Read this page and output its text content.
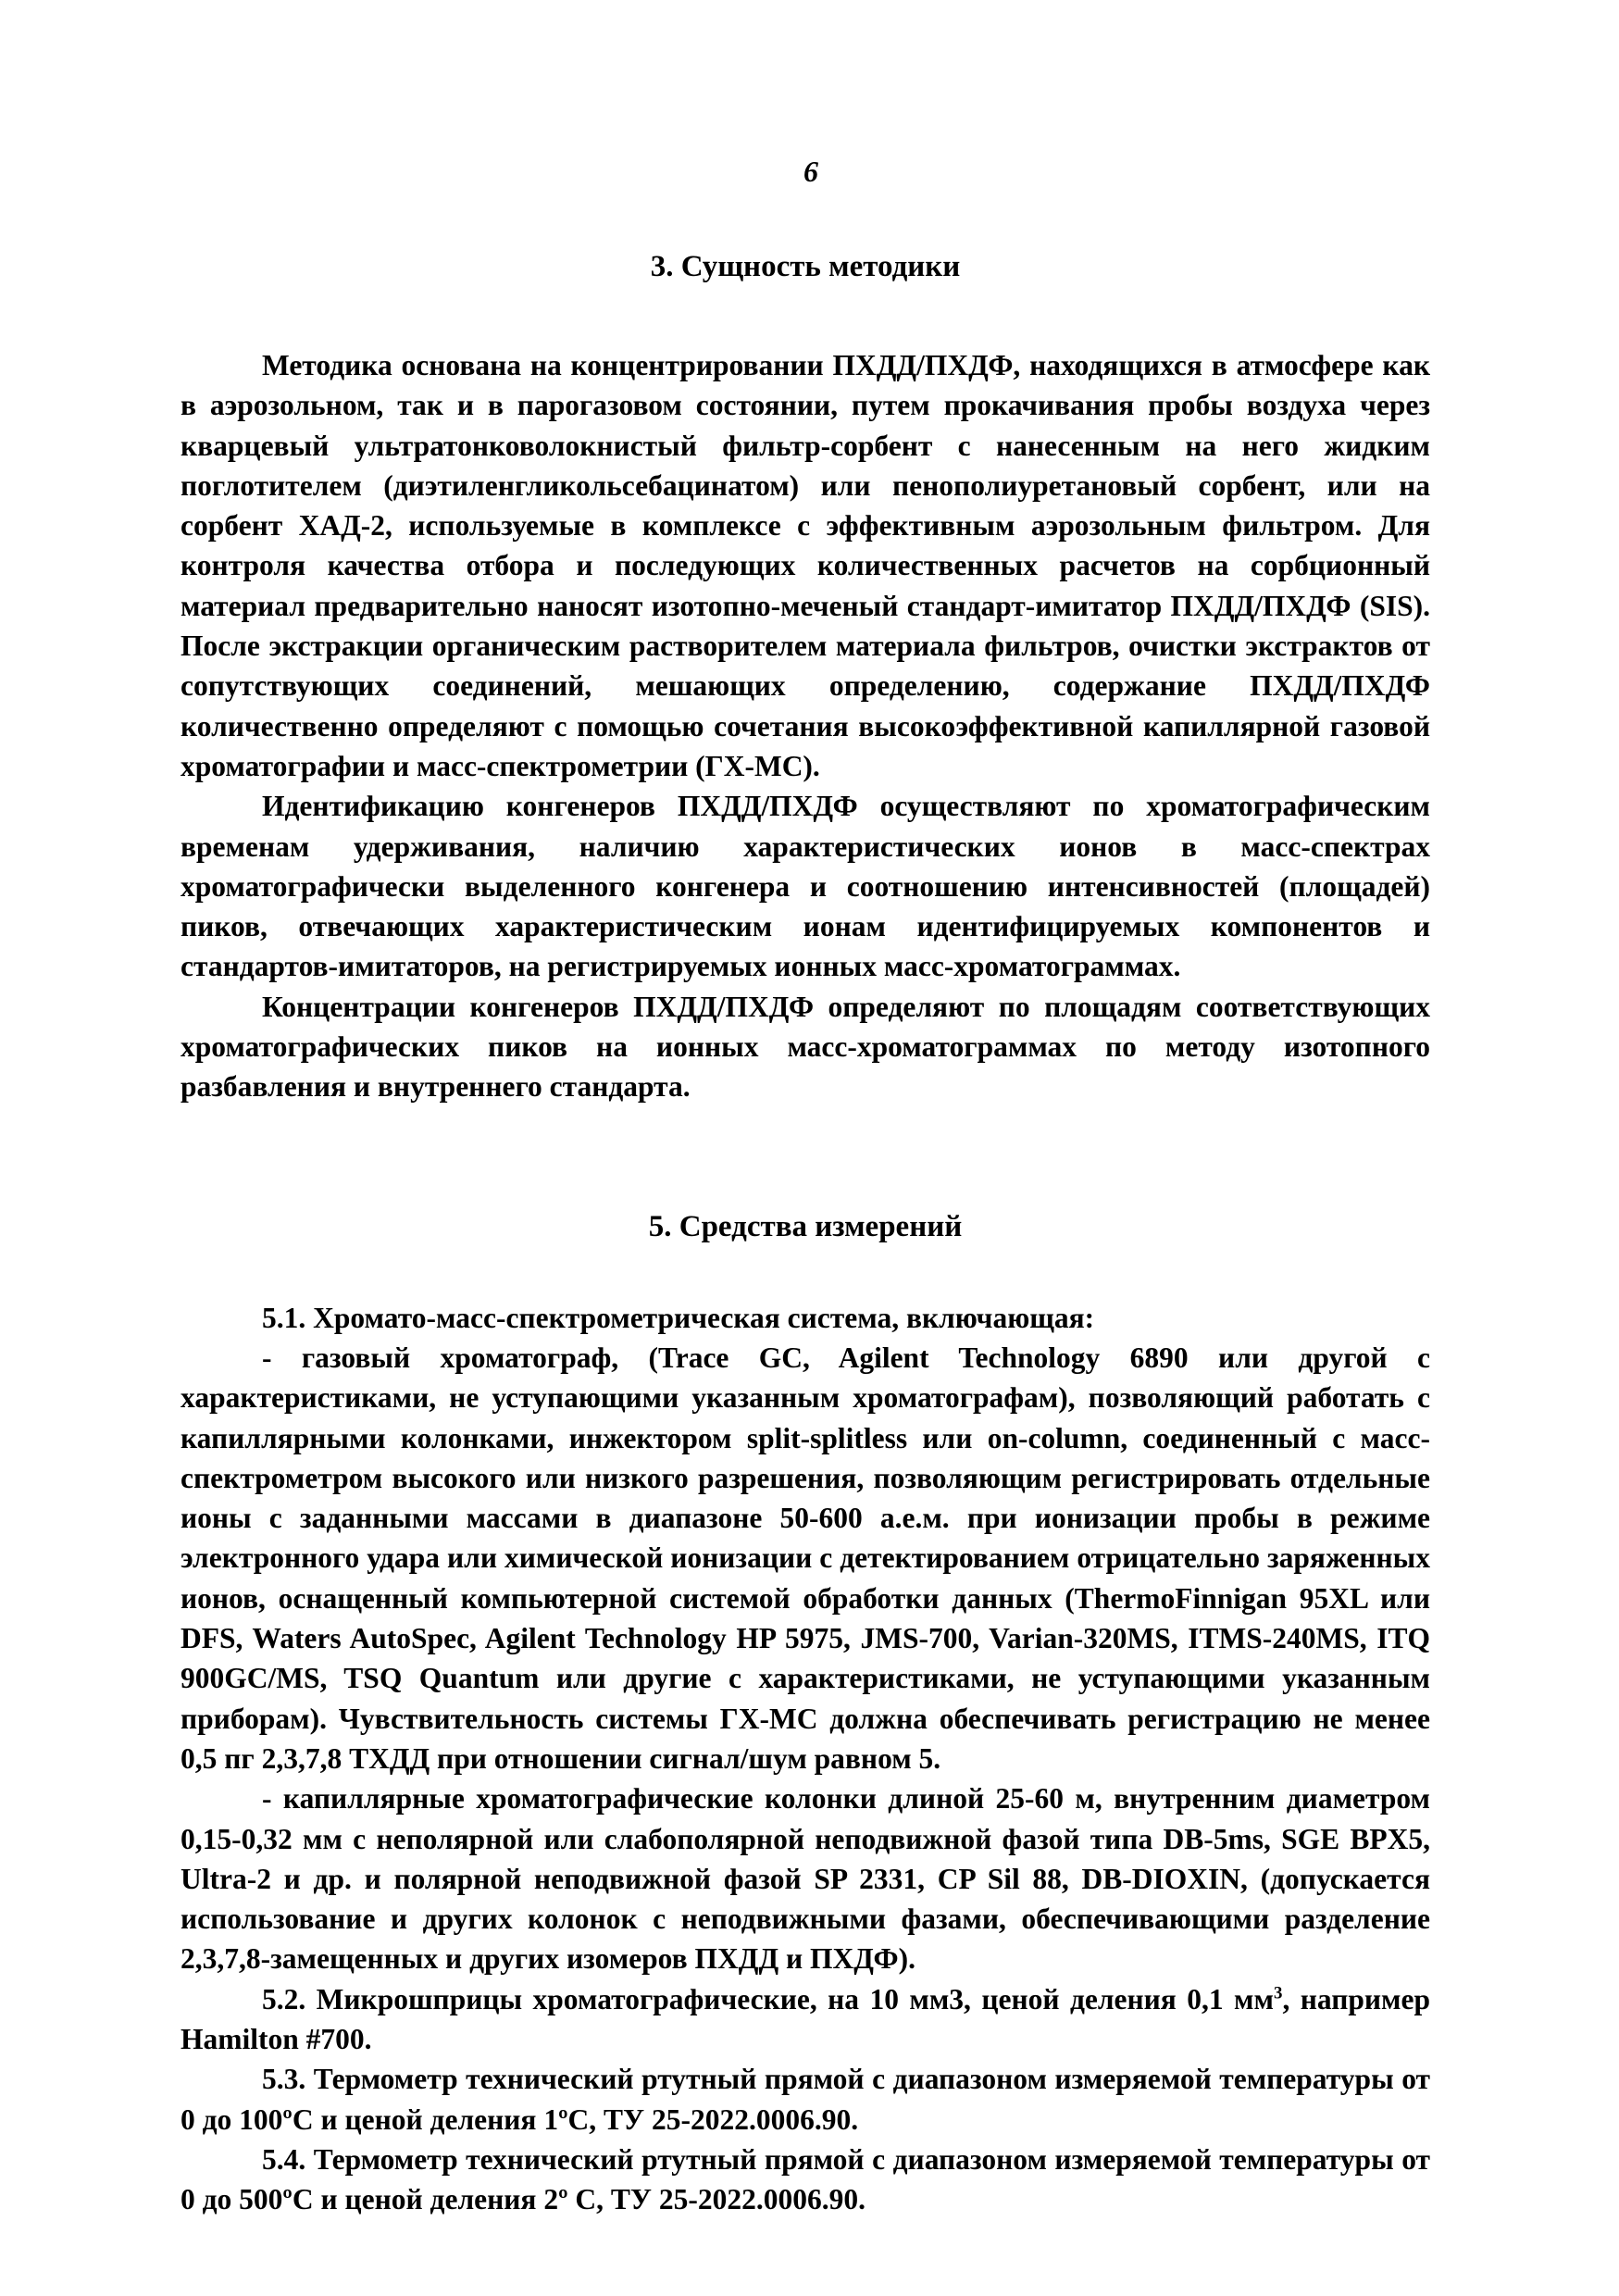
6
3. Сущность методики

Методика основана на концентрировании ПХДД/ПХДФ, находящихся в атмосфере как в аэрозольном, так и в парогазовом состоянии, путем прокачивания пробы воздуха через кварцевый ультратонковолокнистый фильтр-сорбент с нанесенным на него жидким поглотителем (диэтиленгликольсебацинатом) или пенополиуретановый сорбент, или на сорбент ХАД-2, используемые в комплексе с эффективным аэрозольным фильтром. Для контроля качества отбора и последующих количественных расчетов на сорбционный материал предварительно наносят изотопно-меченый стандарт-имитатор ПХДД/ПХДФ (SIS). После экстракции органическим растворителем материала фильтров, очистки экстрактов от сопутствующих соединений, мешающих определению, содержание ПХДД/ПХДФ количественно определяют с помощью сочетания высокоэффективной капиллярной газовой хроматографии и масс-спектрометрии (ГХ-МС).

Идентификацию конгенеров ПХДД/ПХДФ осуществляют по хроматографическим временам удерживания, наличию характеристических ионов в масс-спектрах хроматографически выделенного конгенера и соотношению интенсивностей (площадей) пиков, отвечающих характеристическим ионам идентифицируемых компонентов и стандартов-имитаторов, на регистрируемых ионных масс-хроматограммах.

Концентрации конгенеров ПХДД/ПХДФ определяют по площадям соответствующих хроматографических пиков на ионных масс-хроматограммах по методу изотопного разбавления и внутреннего стандарта.

5. Средства измерений

5.1. Хромато-масс-спектрометрическая система, включающая:

- газовый хроматограф, (Trace GC, Agilent Technology 6890 или другой с характеристиками, не уступающими указанным хроматографам), позволяющий работать с капиллярными колонками, инжектором split-splitless или on-column, соединенный с масс-спектрометром высокого или низкого разрешения, позволяющим регистрировать отдельные ионы с заданными массами в диапазоне 50-600 а.е.м. при ионизации пробы в режиме электронного удара или химической ионизации с детектированием отрицательно заряженных ионов, оснащенный компьютерной системой обработки данных (ThermoFinnigan 95XL или DFS, Waters AutoSpec, Agilent Technology HP 5975, JMS-700, Varian-320MS, ITMS-240MS, ITQ 900GC/MS, TSQ Quantum или другие с характеристиками, не уступающими указанным приборам). Чувствительность системы ГХ-МС должна обеспечивать регистрацию не менее 0,5 пг 2,3,7,8 ТХДД при отношении сигнал/шум равном 5.

- капиллярные хроматографические колонки длиной 25-60 м, внутренним диаметром 0,15-0,32 мм с неполярной или слабополярной неподвижной фазой типа DB-5ms, SGE BPX5, Ultra-2 и др. и полярной неподвижной фазой SP 2331, CP Sil 88, DB-DIOXIN, (допускается использование и других колонок с неподвижными фазами, обеспечивающими разделение 2,3,7,8-замещенных и других изомеров ПХДД и ПХДФ).

5.2. Микрошприцы хроматографические, на 10 мм3, ценой деления 0,1 $мм^3$, например Hamilton #700.

5.3. Термометр технический ртутный прямой с диапазоном измеряемой температуры от 0 до 100ºС и ценой деления 1ºС, ТУ 25-2022.0006.90.

5.4. Термометр технический ртутный прямой с диапазоном измеряемой температуры от 0 до 500ºС и ценой деления 2º С, ТУ 25-2022.0006.90.
